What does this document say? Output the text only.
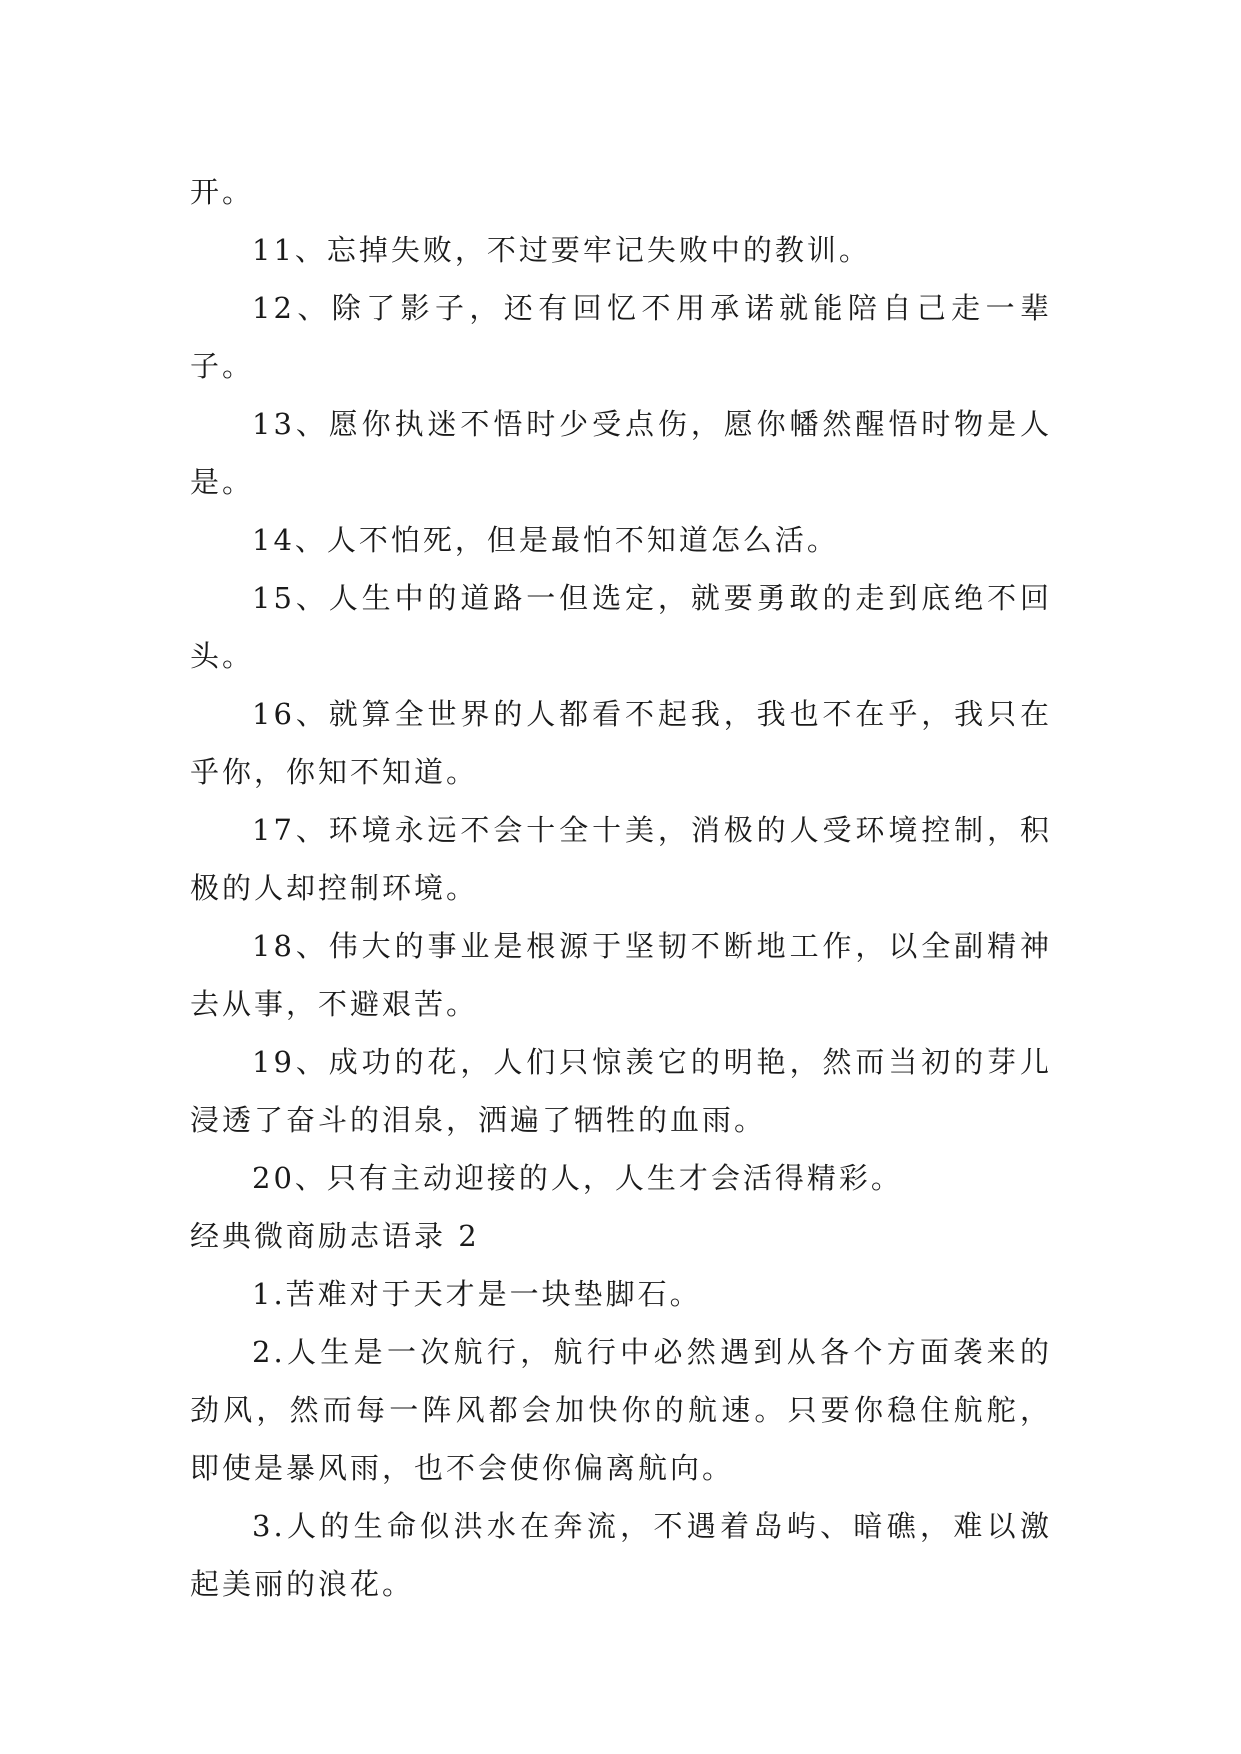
开。

11、忘掉失败，不过要牢记失败中的教训。

12、除了影子，还有回忆不用承诺就能陪自己走一辈子。

13、愿你执迷不悟时少受点伤，愿你幡然醒悟时物是人是。

14、人不怕死，但是最怕不知道怎么活。

15、人生中的道路一但选定，就要勇敢的走到底绝不回头。

16、就算全世界的人都看不起我，我也不在乎，我只在乎你，你知不知道。

17、环境永远不会十全十美，消极的人受环境控制，积极的人却控制环境。

18、伟大的事业是根源于坚韧不断地工作，以全副精神去从事，不避艰苦。

19、成功的花，人们只惊羡它的明艳，然而当初的芽儿浸透了奋斗的泪泉，洒遍了牺牲的血雨。

20、只有主动迎接的人，人生才会活得精彩。

经典微商励志语录 2

1.苦难对于天才是一块垫脚石。

2.人生是一次航行，航行中必然遇到从各个方面袭来的劲风，然而每一阵风都会加快你的航速。只要你稳住航舵，即使是暴风雨，也不会使你偏离航向。

3.人的生命似洪水在奔流，不遇着岛屿、暗礁，难以激起美丽的浪花。
